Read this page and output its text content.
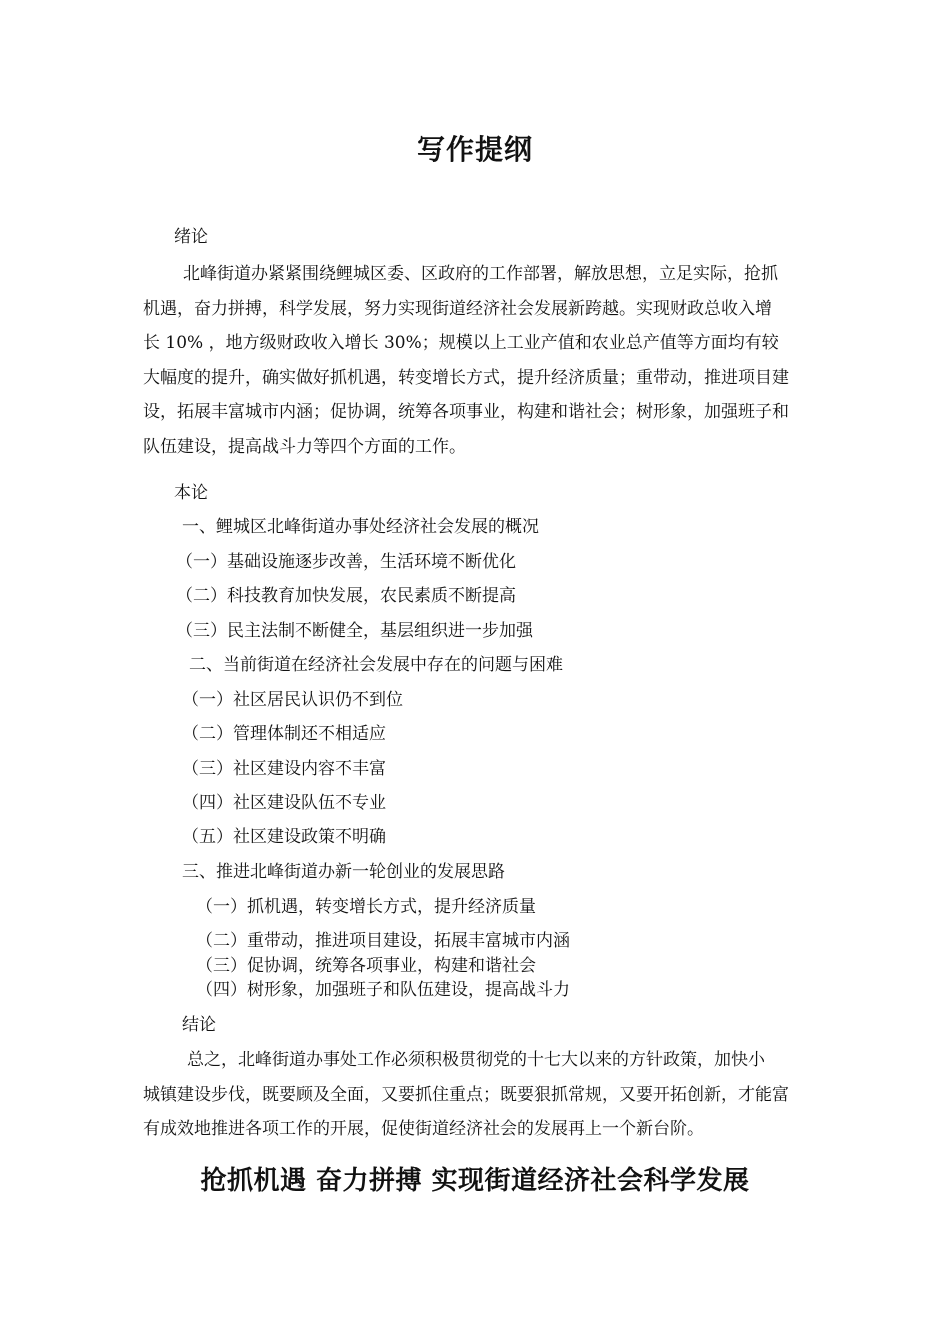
写作提纲
绪论
北峰街道办紧紧围绕鲤城区委、区政府的工作部署，解放思想，立足实际，抢抓
机遇，奋力拼搏，科学发展，努力实现街道经济社会发展新跨越。实现财政总收入增
长 10% ，地方级财政收入增长 30%；规模以上工业产值和农业总产值等方面均有较
大幅度的提升，确实做好抓机遇，转变增长方式，提升经济质量；重带动，推进项目建
设，拓展丰富城市内涵；促协调，统筹各项事业，构建和谐社会；树形象，加强班子和
队伍建设，提高战斗力等四个方面的工作。
本论
一、鲤城区北峰街道办事处经济社会发展的概况
（一）基础设施逐步改善，生活环境不断优化
（二）科技教育加快发展，农民素质不断提高
（三）民主法制不断健全，基层组织进一步加强
二、当前街道在经济社会发展中存在的问题与困难
（一）社区居民认识仍不到位
（二）管理体制还不相适应
（三）社区建设内容不丰富
（四）社区建设队伍不专业
（五）社区建设政策不明确
三、推进北峰街道办新一轮创业的发展思路
（一）抓机遇，转变增长方式，提升经济质量
（二）重带动，推进项目建设，拓展丰富城市内涵
（三）促协调，统筹各项事业，构建和谐社会
（四）树形象，加强班子和队伍建设，提高战斗力
结论
总之，北峰街道办事处工作必须积极贯彻党的十七大以来的方针政策，加快小
城镇建设步伐，既要顾及全面，又要抓住重点；既要狠抓常规，又要开拓创新，才能富
有成效地推进各项工作的开展，促使街道经济社会的发展再上一个新台阶。
抢抓机遇 奋力拼搏 实现街道经济社会科学发展
